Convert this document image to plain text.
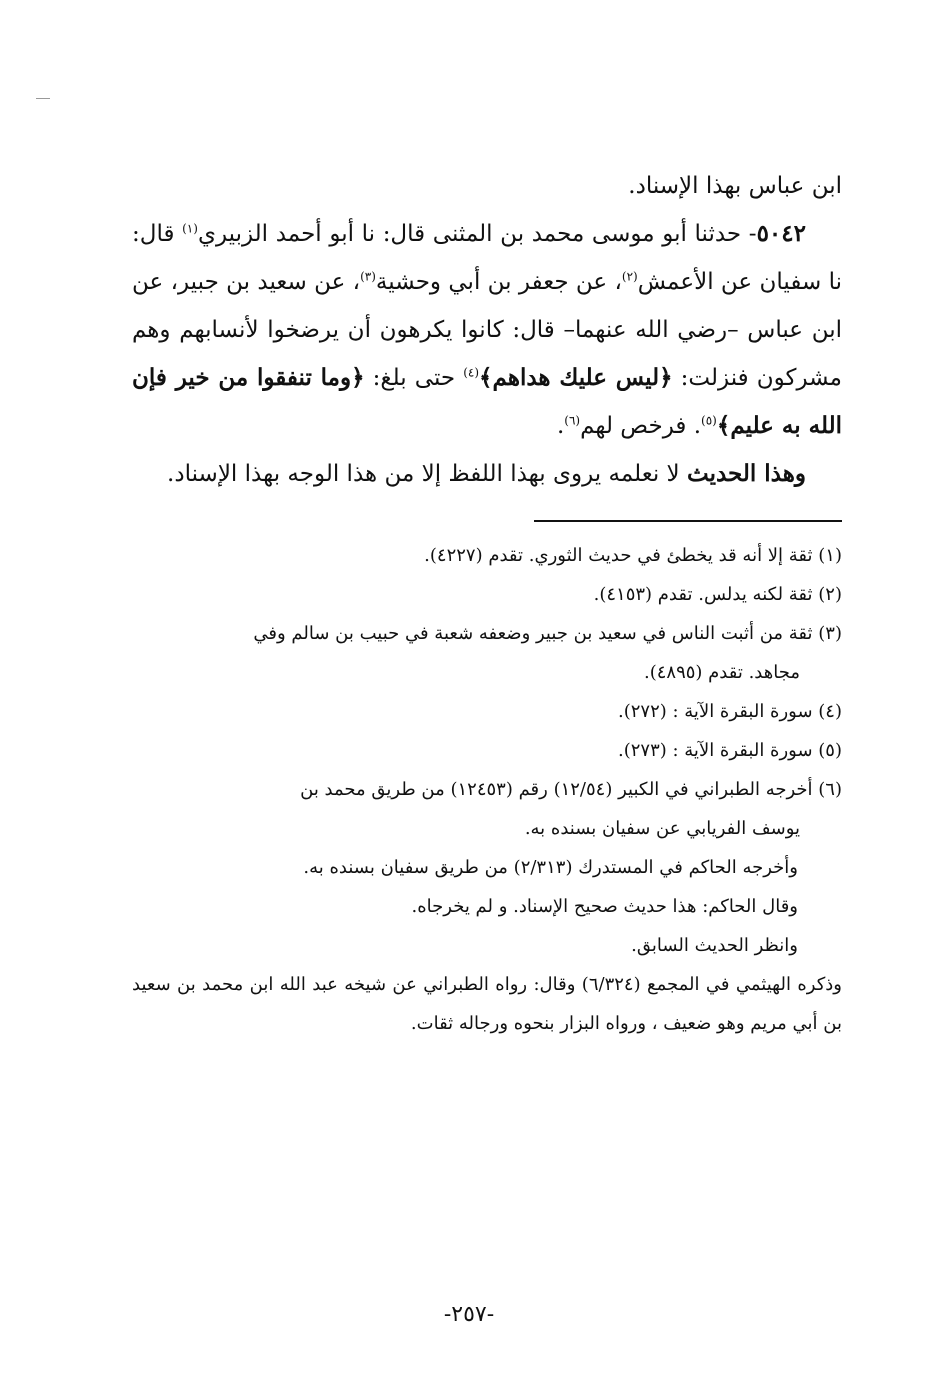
ابن عباس بهذا الإسناد.

٥٠٤٢- حدثنا أبو موسى محمد بن المثنى قال: نا أبو أحمد الزبيري$^{(١)}$ قال: نا سفيان عن الأعمش$^{(٢)}$، عن جعفر بن أبي وحشية$^{(٣)}$، عن سعيد بن جبير، عن ابن عباس –رضي الله عنهما– قال: كانوا يكرهون أن يرضخوا لأنسابهم وهم مشركون فنزلت: ﴿ليس عليك هداهم﴾$^{(٤)}$ حتى بلغ: ﴿وما تنفقوا من خير فإن الله به عليم﴾$^{(٥)}$. فرخص لهم$^{(٦)}$.

وهذا الحديث لا نعلمه يروى بهذا اللفظ إلا من هذا الوجه بهذا الإسناد.

(١) ثقة إلا أنه قد يخطئ في حديث الثوري. تقدم (٤٢٢٧).

(٢) ثقة لكنه يدلس. تقدم (٤١٥٣).

(٣) ثقة من أثبت الناس في سعيد بن جبير وضعفه شعبة في حبيب بن سالم وفي

مجاهد. تقدم (٤٨٩٥).

(٤) سورة البقرة الآية : (٢٧٢).

(٥) سورة البقرة الآية : (٢٧٣).

(٦) أخرجه الطبراني في الكبير (١٢/٥٤) رقم (١٢٤٥٣) من طريق محمد بن

يوسف الفريابي عن سفيان بسنده به.

وأخرجه الحاكم في المستدرك (٢/٣١٣) من طريق سفيان بسنده به.

وقال الحاكم: هذا حديث صحيح الإسناد. و لم يخرجاه.

وانظر الحديث السابق.

وذكره الهيثمي في المجمع (٦/٣٢٤) وقال: رواه الطبراني عن شيخه عبد الله ابن محمد بن سعيد بن أبي مريم وهو ضعيف ، ورواه البزار بنحوه ورجاله ثقات.

-٢٥٧-
